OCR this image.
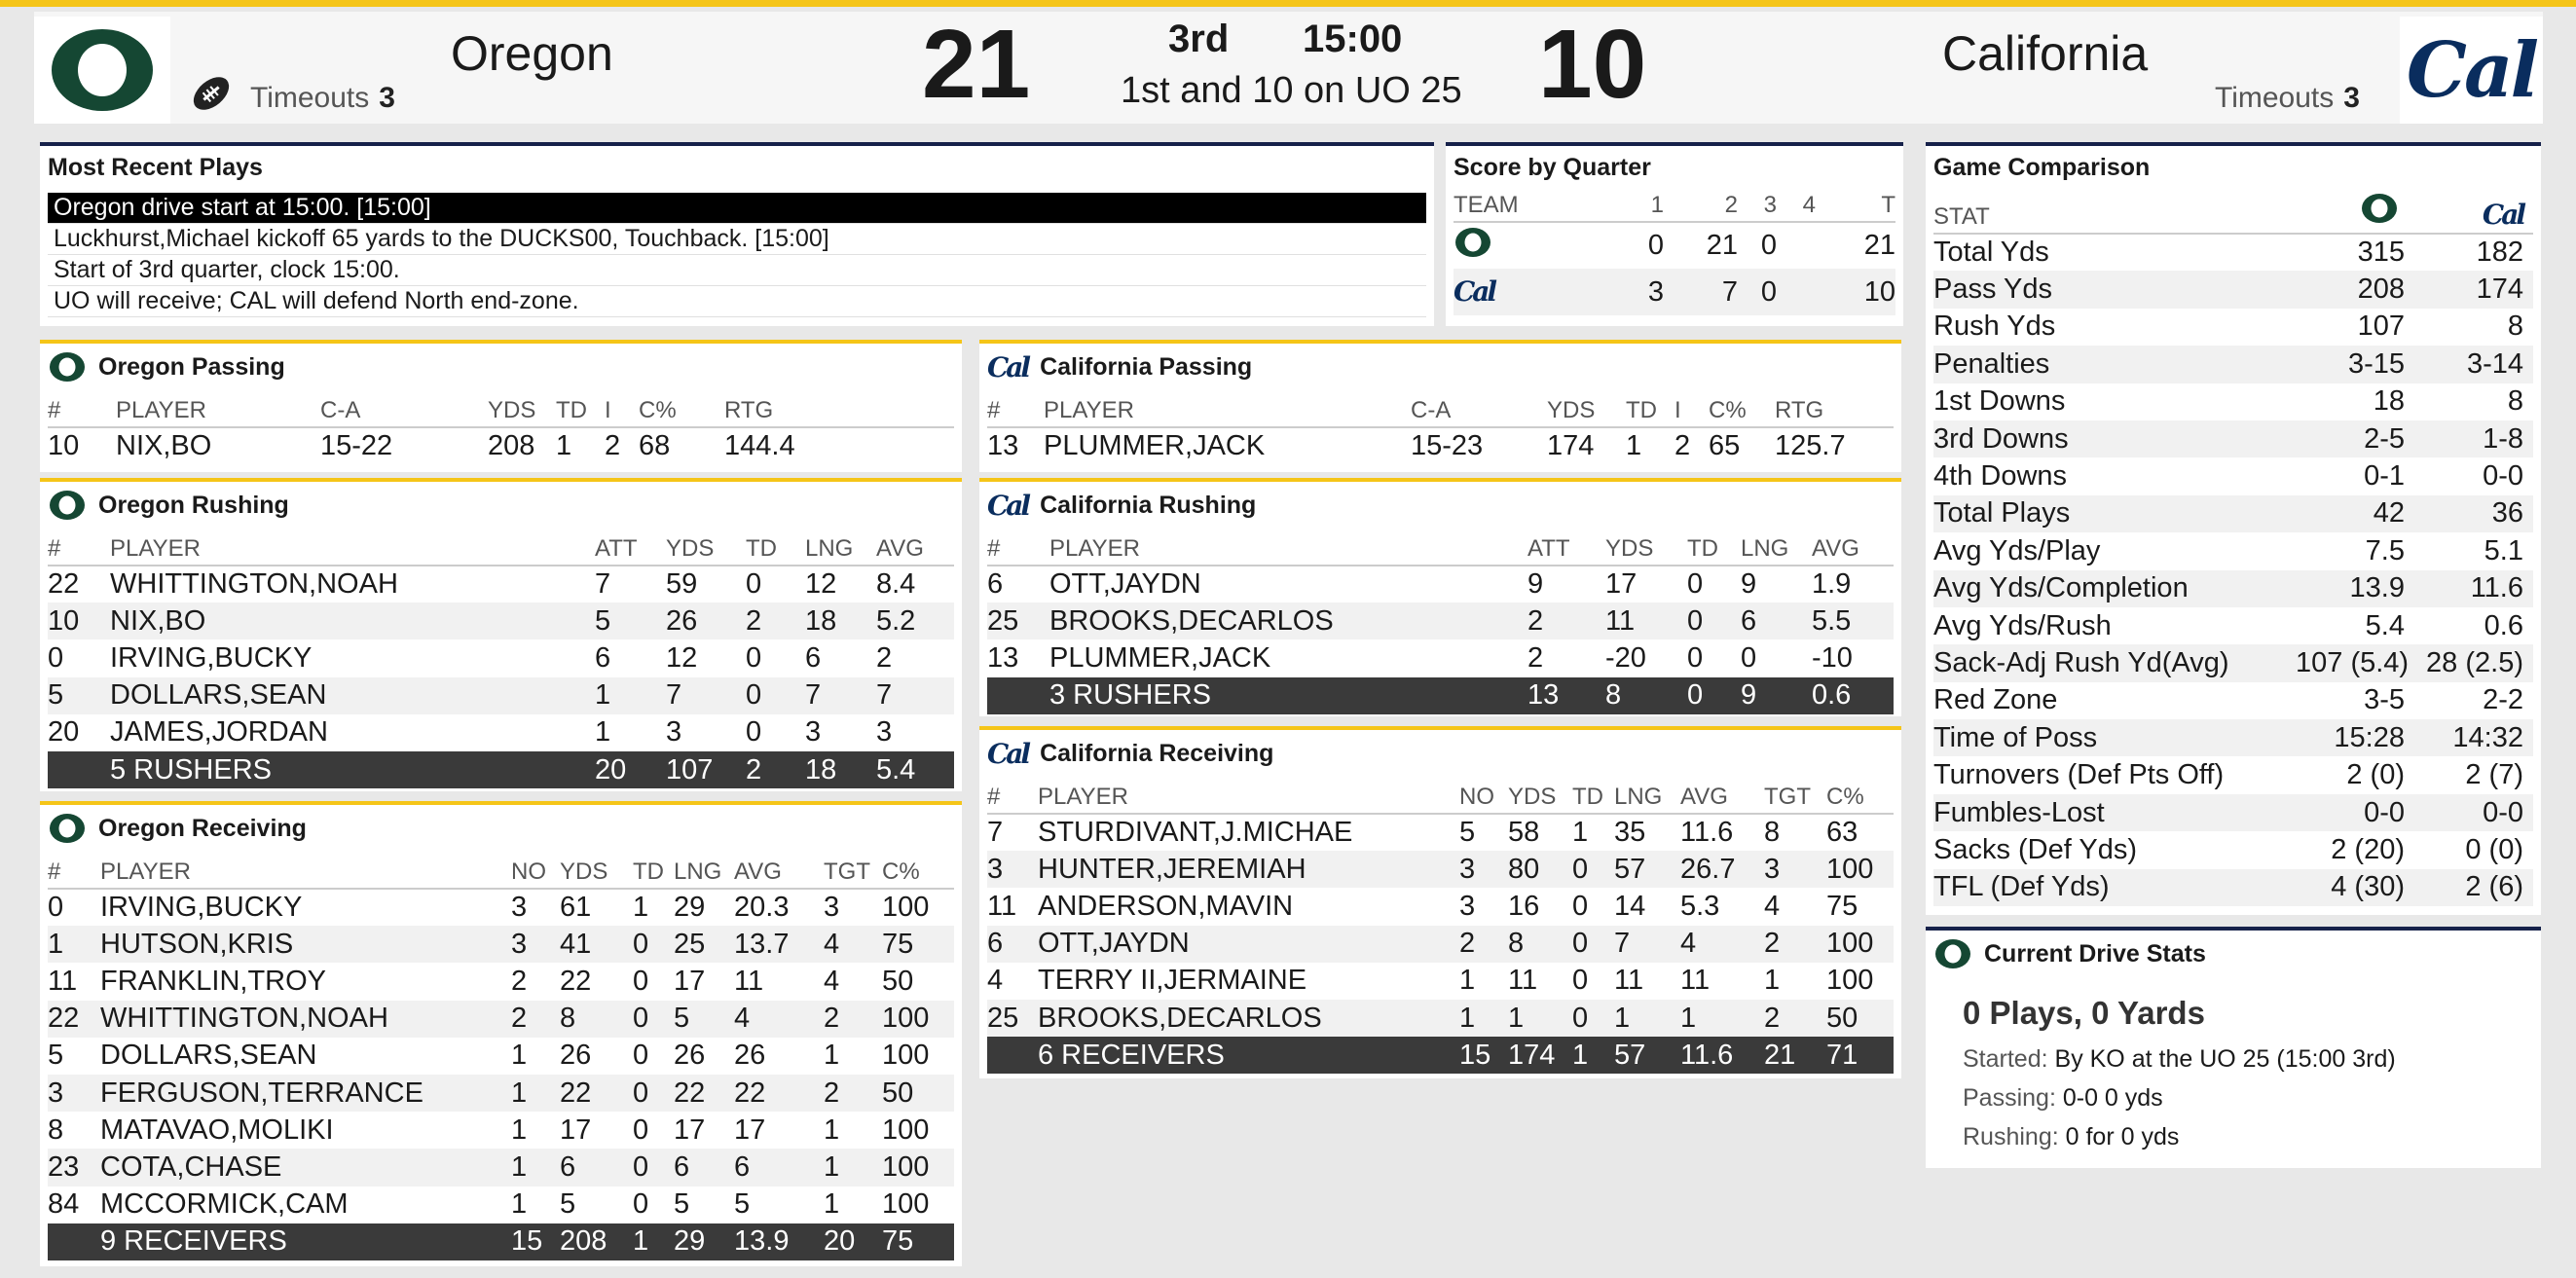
Timeouts 3
Oregon	21	3rd 15:00
1st and 10 on UO 25 10	California
Timeouts 3 Cal
Most Recent Plays
Oregon drive start at 15:00. [15:00]
Luckhurst,Michael kickoff 65 yards to the DUCKS00, Touchback. [15:00]
Start of 3rd quarter, clock 15:00.
UO will receive; CAL will defend North end-zone.
Score by Quarter
TEAM	1	2	3	4	T
	0	21	0		21
Cal	3	7	0		10
Game Comparison
STAT		Cal
Total Yds	315	182
Pass Yds	208	174
Rush Yds	107	8
Penalties	3-15	3-14
1st Downs	18	8
3rd Downs	2-5	1-8
4th Downs	0-1	0-0
Total Plays	42	36
Avg Yds/Play	7.5	5.1
Avg Yds/Completion	13.9	11.6
Avg Yds/Rush	5.4	0.6
Sack-Adj Rush Yd(Avg)	107 (5.4)	28 (2.5)
Red Zone	3-5	2-2
Time of Poss	15:28	14:32
Turnovers (Def Pts Off)	2 (0)	2 (7)
Fumbles-Lost	0-0	0-0
Sacks (Def Yds)	2 (20)	0 (0)
TFL (Def Yds)	4 (30)	2 (6)
Current Drive Stats
0 Plays, 0 Yards
Started: By KO at the UO 25 (15:00 3rd)
Passing: 0-0 0 yds
Rushing: 0 for 0 yds
Oregon Passing
#	PLAYER	C-A	YDS	TD	I	C%	RTG
10	NIX,BO	15-22	208	1	2	68	144.4
Cal California Passing
#	PLAYER	C-A	YDS	TD	I	C%	RTG
13	PLUMMER,JACK	15-23	174	1	2	65	125.7
Oregon Rushing
#	PLAYER	ATT	YDS	TD	LNG	AVG
22	WHITTINGTON,NOAH	7	59	0	12	8.4
10	NIX,BO	5	26	2	18	5.2
0	IRVING,BUCKY	6	12	0	6	2
5	DOLLARS,SEAN	1	7	0	7	7
20	JAMES,JORDAN	1	3	0	3	3
	5 RUSHERS	20	107	2	18	5.4
Cal California Rushing
#	PLAYER	ATT	YDS	TD	LNG	AVG
6	OTT,JAYDN	9	17	0	9	1.9
25	BROOKS,DECARLOS	2	11	0	6	5.5
13	PLUMMER,JACK	2	-20	0	0	-10
	3 RUSHERS	13	8	0	9	0.6
Oregon Receiving
#	PLAYER	NO	YDS	TD	LNG	AVG	TGT	C%
0	IRVING,BUCKY	3	61	1	29	20.3	3	100
1	HUTSON,KRIS	3	41	0	25	13.7	4	75
11	FRANKLIN,TROY	2	22	0	17	11	4	50
22	WHITTINGTON,NOAH	2	8	0	5	4	2	100
5	DOLLARS,SEAN	1	26	0	26	26	1	100
3	FERGUSON,TERRANCE	1	22	0	22	22	2	50
8	MATAVAO,MOLIKI	1	17	0	17	17	1	100
23	COTA,CHASE	1	6	0	6	6	1	100
84	MCCORMICK,CAM	1	5	0	5	5	1	100
	9 RECEIVERS	15	208	1	29	13.9	20	75
Cal California Receiving
#	PLAYER	NO	YDS	TD	LNG	AVG	TGT	C%
7	STURDIVANT,J.MICHAE	5	58	1	35	11.6	8	63
3	HUNTER,JEREMIAH	3	80	0	57	26.7	3	100
11	ANDERSON,MAVIN	3	16	0	14	5.3	4	75
6	OTT,JAYDN	2	8	0	7	4	2	100
4	TERRY II,JERMAINE	1	11	0	11	11	1	100
25	BROOKS,DECARLOS	1	1	0	1	1	2	50
	6 RECEIVERS	15	174	1	57	11.6	21	71
